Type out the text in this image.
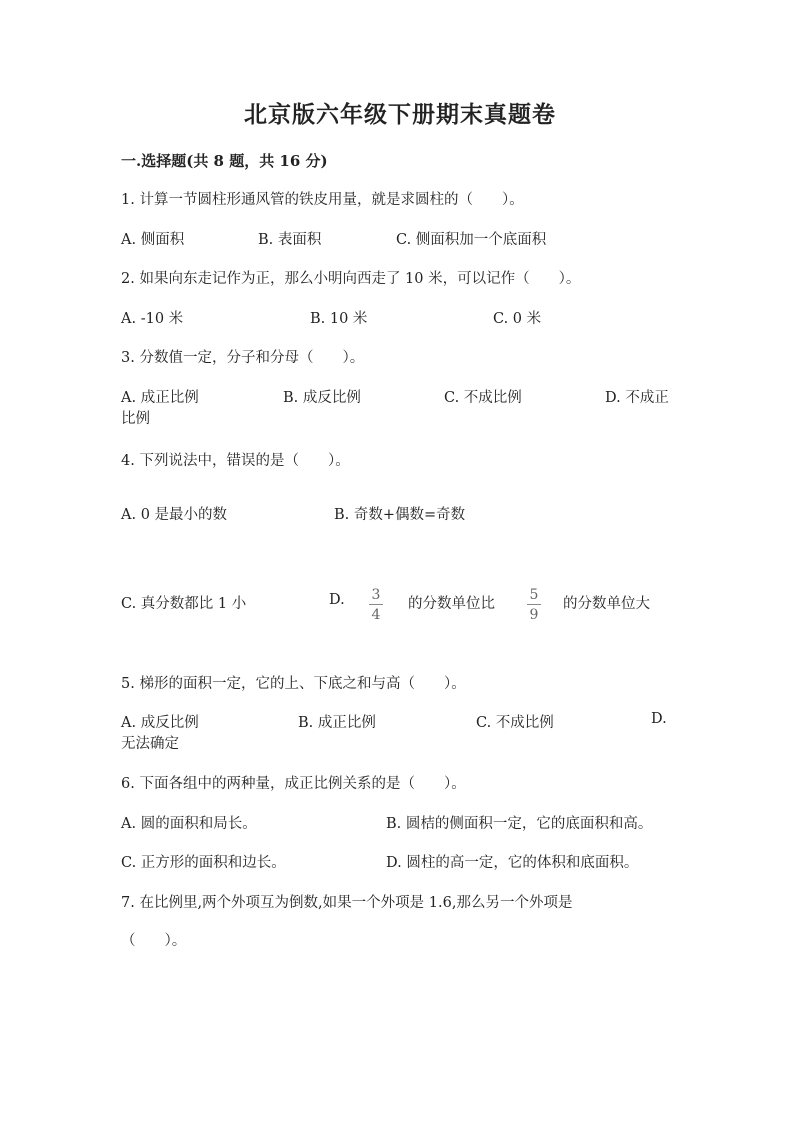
北京版六年级下册期末真题卷
一.选择题(共 8 题，共 16 分)
1. 计算一节圆柱形通风管的铁皮用量，就是求圆柱的（　　）。
A. 侧面积	B. 表面积	C. 侧面积加一个底面积
2. 如果向东走记作为正，那么小明向西走了 10 米，可以记作（　　）。
A. -10 米	B. 10 米	C. 0 米
3. 分数值一定，分子和分母（　　）。
A. 成正比例	B. 成反比例	C. 不成比例	D. 不成正
比例
4. 下列说法中，错误的是（　　）。
A. 0 是最小的数	B. 奇数+偶数=奇数
C. 真分数都比 1 小	D.	3
4
的分数单位比
5
9
的分数单位大
5. 梯形的面积一定，它的上、下底之和与高（　　）。
A. 成反比例	B. 成正比例	C. 不成比例	D.
无法确定
6. 下面各组中的两种量，成正比例关系的是（　　）。
A. 圆的面积和局长。	B. 圆桔的侧面积一定，它的底面积和高。
C. 正方形的面积和边长。	D. 圆柱的高一定，它的体积和底面积。
7. 在比例里,两个外项互为倒数,如果一个外项是 1.6,那么另一个外项是
（　　）。
